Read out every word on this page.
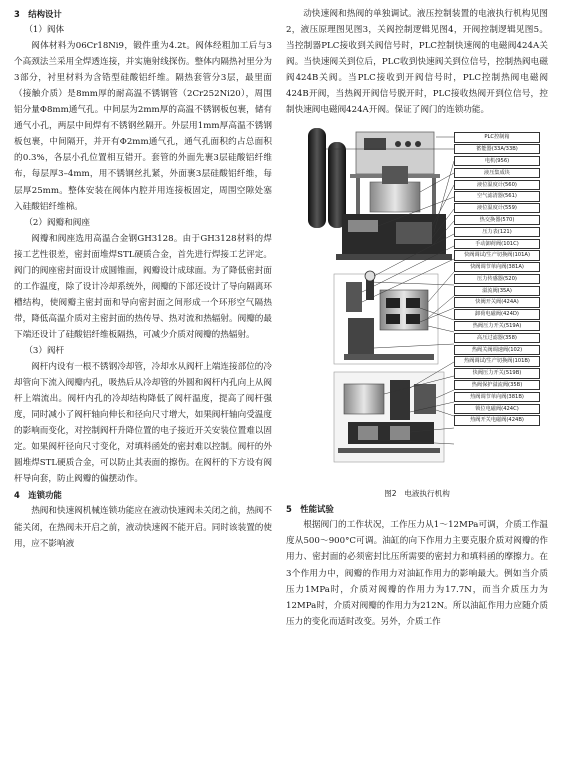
3　结构设计

（1）阀体

阀体材料为06Cr18Ni9，锻件重为4.2t。阀体经粗加工后与3个高颈法兰采用全焊透连接，并实施射线探伤。整体内隔热衬里分为3部分，衬里材料为含锆型硅酸铝纤维。隔热套管分3层，最里面（接触介质）是8mm厚的耐高温不锈钢管（2Cr252Ni20），周围铝分量Φ8mm通气孔。中间层为2mm厚的高温不锈钢板包裹，储有通气小孔，两层中间焊有不锈钢丝隔开。外层用1mm厚高温不锈钢板包裹，中间隔开，并开有Φ2mm通气孔，通气孔面积约占总面积的0.3%，各层小孔位置相互错开。套管的外面先裹3层硅酸铝纤维布，每层厚3–4mm，用不锈钢丝扎紧，外面裹3层硅酸铝纤维，每层厚25mm。整体安装在阀体内腔并用连接板固定，周围空隙处塞入硅酸铝纤维棉。

（2）阀瓣和阀座

阀瓣和阀座选用高温合金钢GH3128。由于GH3128材料的焊接工艺性很差，密封面堆焊STL硬质合金，首先进行焊接工艺评定。阀门的阀座密封面设计成圆锥面，阀瓣设计成球面。为了降低密封面的工作温度，除了设计冷却系统外，阀瓣的下部还设计了导向隔离环槽结构，使阀瓣主密封面和导向密封面之间形成一个环形空气隔热带，降低高温介质对主密封面的热传导、热对流和热辐射。阀瓣的最下端还设计了硅酸铝纤维板隔热，可减少介质对阀瓣的热辐射。

（3）阀杆

阀杆内设有一根不锈钢冷却管，冷却水从阀杆上端连接部位的冷却管向下流入阀瓣内孔，吸热后从冷却管的外圆和阀杆内孔向上从阀杆上端流出。阀杆内孔的冷却结构降低了阀杆温度，提高了阀杆强度，同时减小了阀杆轴向伸长和径向尺寸增大，如果阀杆轴向受温度的影响而变化，对控制阀杆升降位置的电子接近开关安装位置难以固定。如果阀杆径向尺寸变化，对填料函处的密封难以控制。阀杆的外圆堆焊STL硬质合金，可以防止其表面的擦伤。在阀杆的下方设有阀杆导向套，防止阀瓣的偏摆动作。

4　连锁功能

热阀和快速阀机械连锁功能应在液动快速阀未关闭之前，热阀不能关闭，在热阀未开启之前，液动快速阀不能开启。同时该装置的使用，应不影响液

动快速阀和热阀的单独调试。液压控制装置的电液执行机构见图2，液压原理图见图3，关阀控制逻辑见图4，开阀控制逻辑见图5。当控制器PLC接收到关阀信号时，PLC控制快速阀的电磁阀424A关阀。当快速阀关到位后，PLC收到快速阀关到位信号，控制热阀电磁阀424B关阀。当PLC接收到开阀信号时，PLC控制热阀电磁阀424B开阀，当热阀开阀信号脱开时，PLC接收热阀开到位信号，控制快速阀电磁阀424A开阀。保证了阀门的连锁功能。

PLC控制箱
蓄能器(33A/33B)
电机(956)
液压集成块
液位温度计(560)
空气滤清器(561)
液位温度计(559)
热交换器(570)
压力表(121)
手动卸荷阀(101C)
快阀调试/生产切换阀(101A)
快阀调节单向阀(381A)
压力传感器(520)
溢流阀(35A)
快阀开关阀(424A)
卸荷电磁阀(424D)
热阀压力开关(519A)
高压过滤器(358)
热阀关阀调速阀(102)
热阀调试/生产切换阀(101B)
快阀压力开关(519B)
热阀保护溢流阀(35B)
热阀调节单向阀(381B)
锁位电磁阀(424C)
热阀开关电磁阀(424B)

图2　电液执行机构

5　性能试验

根据阀门的工作状况，工作压力从1～12MPa可调，介质工作温度从500～900°C可调。油缸的向下作用力主要克服介质对阀瓣的作用力、密封面的必须密封比压所需要的密封力和填料函的摩擦力。在3个作用力中，阀瓣的作用力对油缸作用力的影响最大。例如当介质压力1MPa时，介质对阀瓣的作用力为17.7N，而当介质压力为12MPa时，介质对阀瓣的作用力为212N。所以油缸作用力应随介质压力的变化而适时改变。另外，介质工作
